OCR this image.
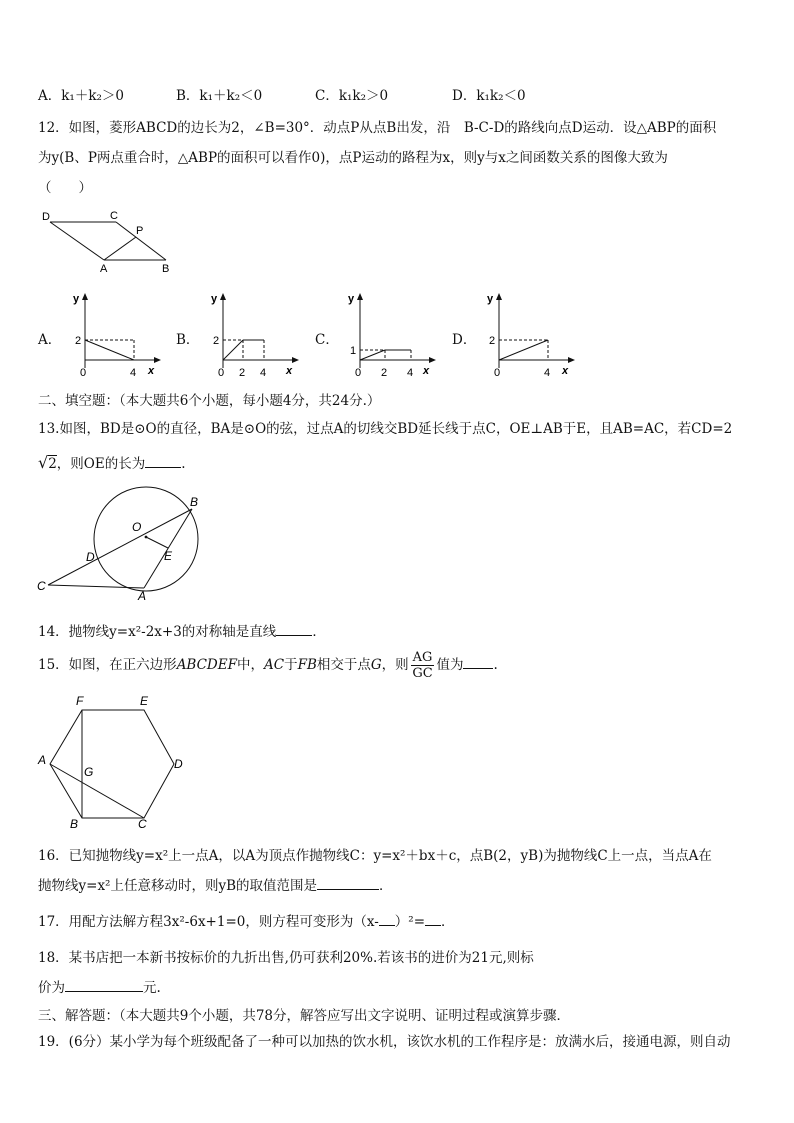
A．k₁＋k₂＞0	B．k₁＋k₂＜0	C．k₁k₂＞0	D．k₁k₂＜0
12．如图，菱形ABCD的边长为2，∠B=30°．动点P从点B出发，沿　B-C-D的路线向点D运动．设△ABP的面积
为y(B、P两点重合时，△ABP的面积可以看作0)，点P运动的路程为x，则y与x之间函数关系的图像大致为
（　　）
D	C
P
A	B
A．
y
2
0	4 x
B．
y
2
0 2 4 x
C．
y
1
0 2 4 x
D．
y
2
0	4 x
二、填空题：（本大题共6个小题，每小题4分，共24分.）
13.如图，BD是⊙O的直径，BA是⊙O的弦，过点A的切线交BD延长线于点C，OE⊥AB于E，且AB=AC，若CD=2
√2，则OE的长为	.
B
O
D	E
C
A
14．抛物线y=x²-2x+3的对称轴是直线	．
15．如图，在正六边形ABCDEF中，AC于FB相交于点G，则 $\frac{AG}{GC}$ 值为 .
F	E
A
G
D
B	C
16．已知抛物线y=x²上一点A，以A为顶点作抛物线C：y=x²＋bx＋c，点B(2，yB)为抛物线C上一点，当点A在
抛物线y=x²上任意移动时，则yB的取值范围是	．
17．用配方法解方程3x²-6x+1=0，则方程可变形为（x- ）²= ．
18．某书店把一本新书按标价的九折出售,仍可获利20%.若该书的进价为21元,则标
价为	元.
三、解答题：（本大题共9个小题，共78分，解答应写出文字说明、证明过程或演算步骤．
19．(6分）某小学为每个班级配备了一种可以加热的饮水机，该饮水机的工作程序是：放满水后，接通电源，则自动
